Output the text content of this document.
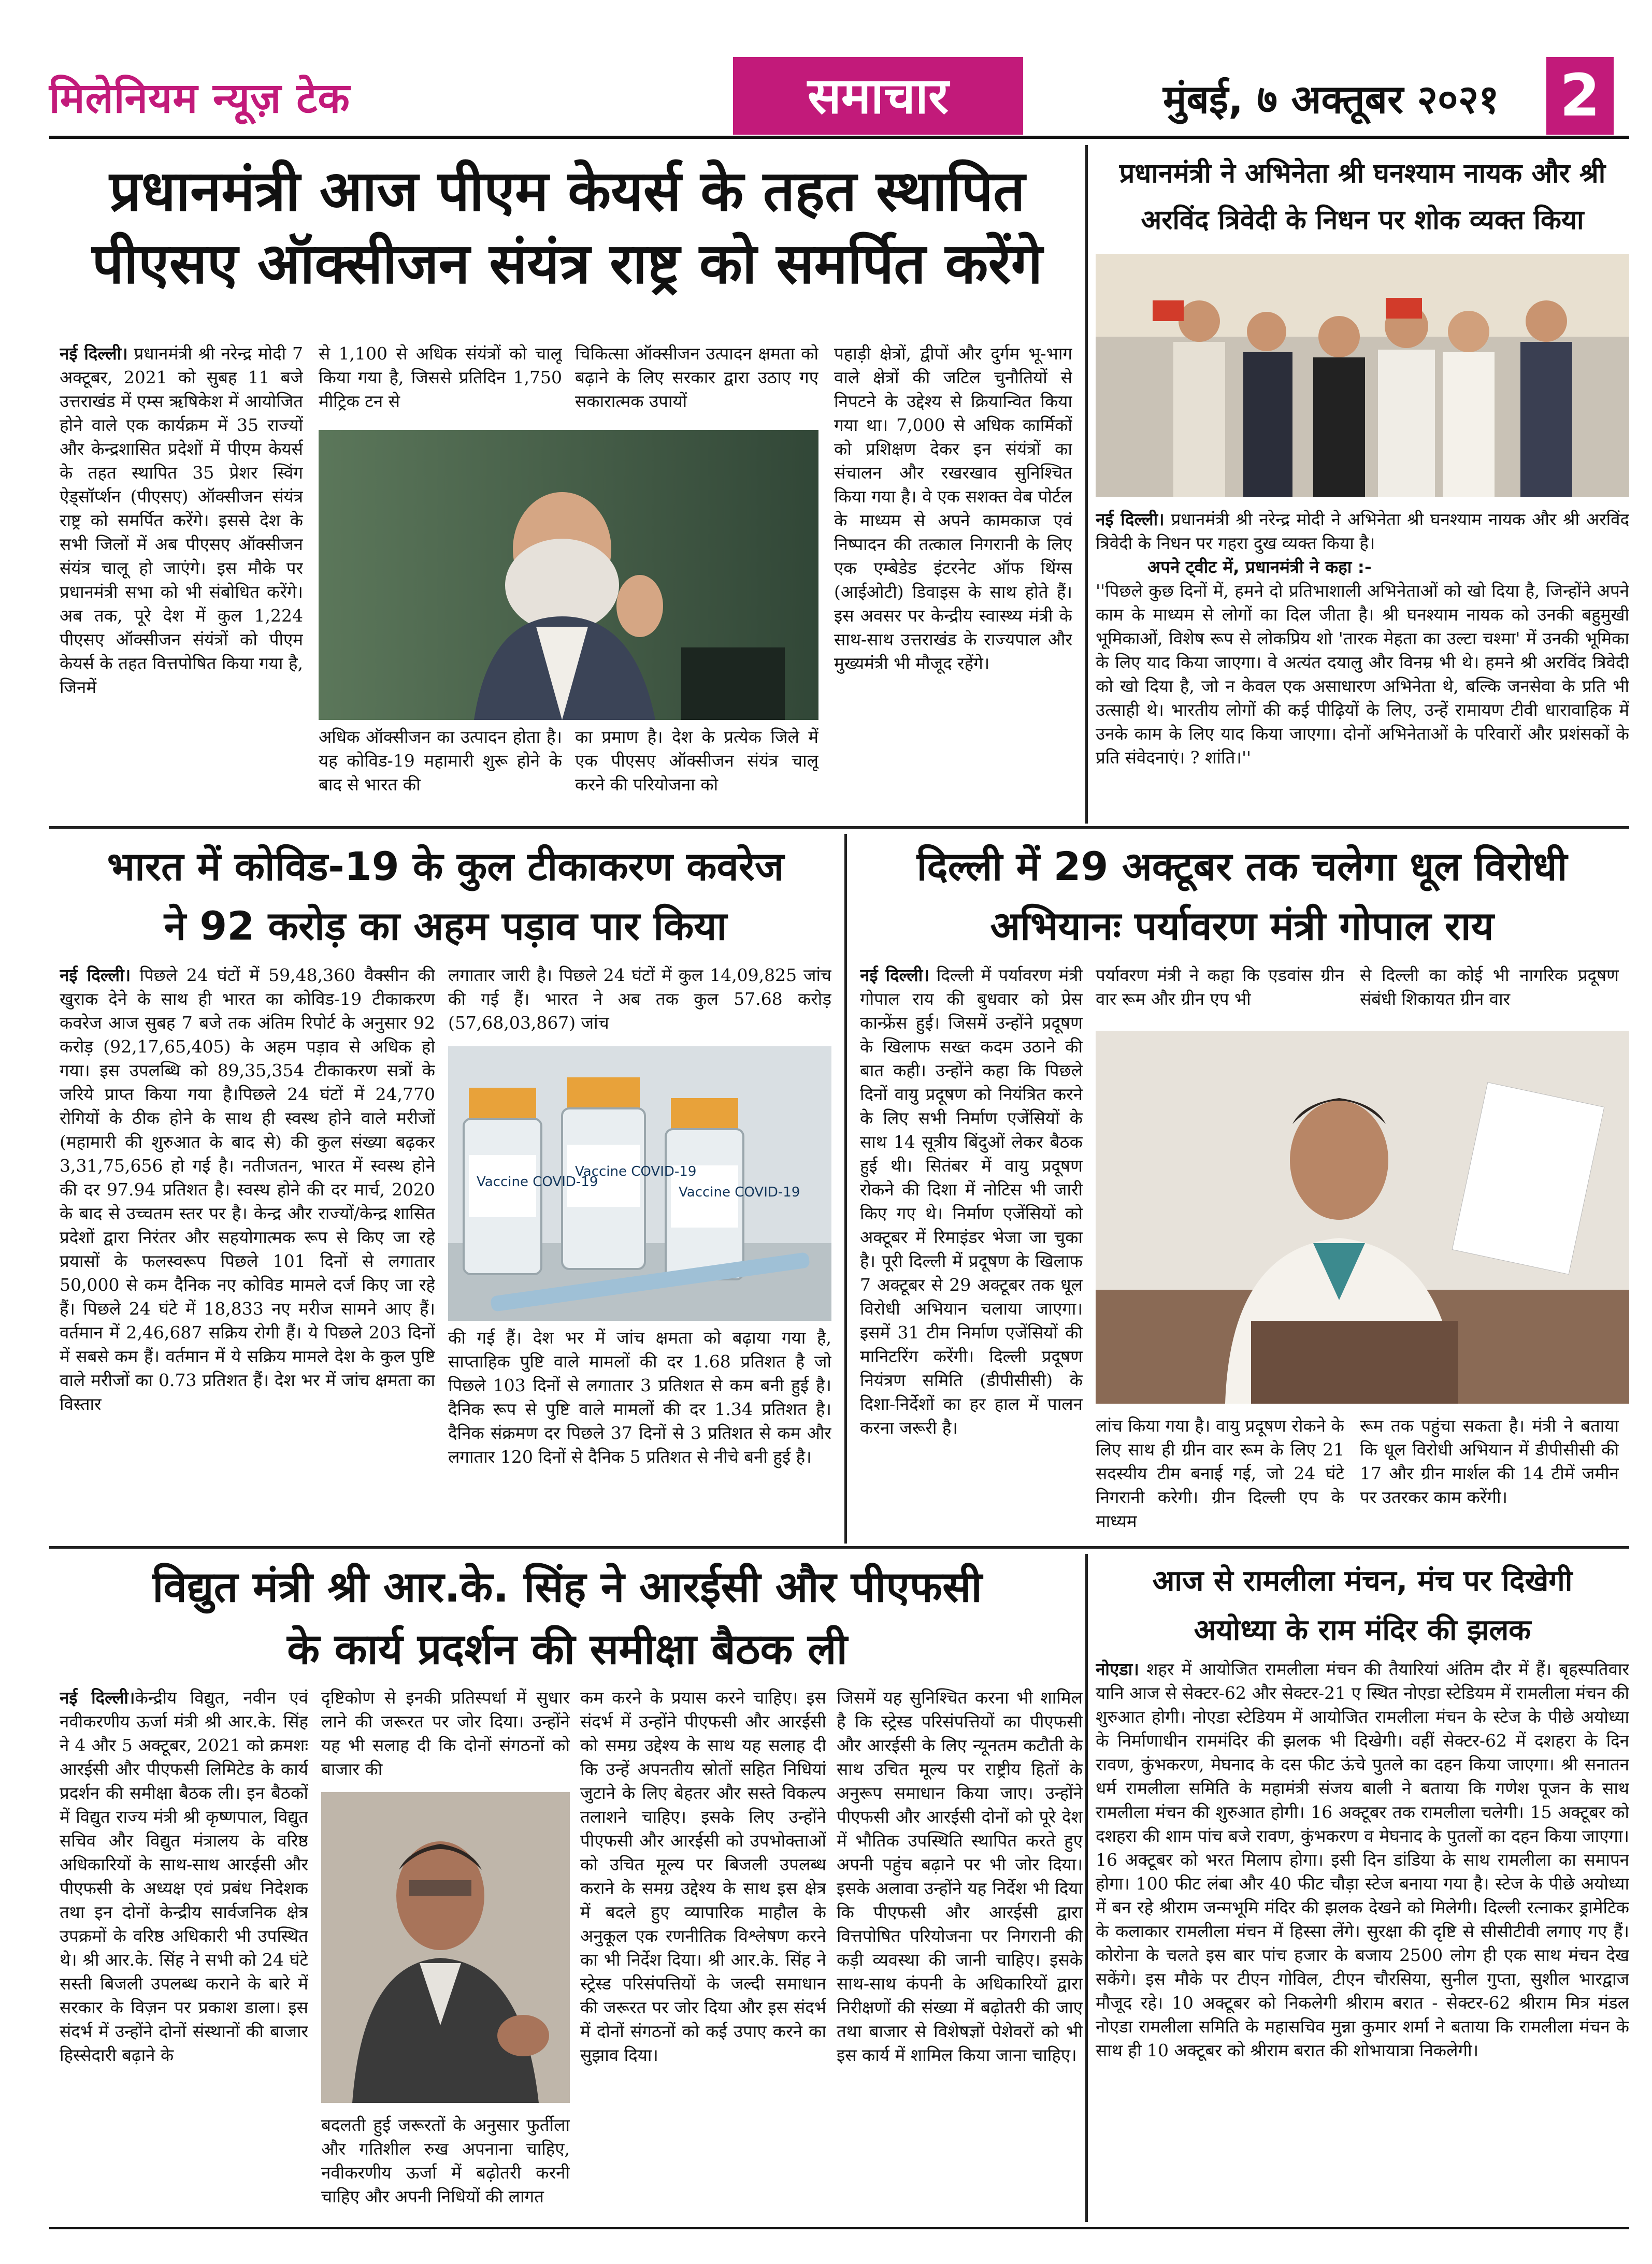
मिलेनियम न्यूज़ टेक	समाचार	मुंबई, ७ अक्तूबर २०२१ 2
प्रधानमंत्री आज पीएम केयर्स के तहत स्थापित
पीएसए ऑक्सीजन संयंत्र राष्ट्र को समर्पित करेंगे
नई दिल्ली। प्रधानमंत्री श्री नरेन्द्र मोदी 7 अक्टूबर, 2021 को सुबह 11 बजे उत्तराखंड में एम्स ऋषिकेश में आयोजित होने वाले एक कार्यक्रम में 35 राज्यों और केन्द्रशासित प्रदेशों में पीएम केयर्स के तहत स्थापित 35 प्रेशर स्विंग ऐड्सॉर्प्शन (पीएसए) ऑक्सीजन संयंत्र राष्ट्र को समर्पित करेंगे। इससे देश के सभी जिलों में अब पीएसए ऑक्सीजन संयंत्र चालू हो जाएंगे। इस मौके पर प्रधानमंत्री सभा को भी संबोधित करेंगे। अब तक, पूरे देश में कुल 1,224 पीएसए ऑक्सीजन संयंत्रों को पीएम केयर्स के तहत वित्तपोषित किया गया है, जिनमें
से 1,100 से अधिक संयंत्रों को चालू किया गया है, जिससे प्रतिदिन 1,750 मीट्रिक टन से
चिकित्सा ऑक्सीजन उत्पादन क्षमता को बढ़ाने के लिए सरकार द्वारा उठाए गए सकारात्मक उपायों
अधिक ऑक्सीजन का उत्पादन होता है। यह कोविड-19 महामारी शुरू होने के बाद से भारत की
का प्रमाण है। देश के प्रत्येक जिले में एक पीएसए ऑक्सीजन संयंत्र चालू करने की परियोजना को
पहाड़ी क्षेत्रों, द्वीपों और दुर्गम भू-भाग वाले क्षेत्रों की जटिल चुनौतियों से निपटने के उद्देश्य से क्रियान्वित किया गया था। 7,000 से अधिक कार्मिकों को प्रशिक्षण देकर इन संयंत्रों का संचालन और रखरखाव सुनिश्चित किया गया है। वे एक सशक्त वेब पोर्टल के माध्यम से अपने कामकाज एवं निष्पादन की तत्काल निगरानी के लिए एक एम्बेडेड इंटरनेट ऑफ थिंग्स (आईओटी) डिवाइस के साथ होते हैं। इस अवसर पर केन्द्रीय स्वास्थ्य मंत्री के साथ-साथ उत्तराखंड के राज्यपाल और मुख्यमंत्री भी मौजूद रहेंगे।
प्रधानमंत्री ने अभिनेता श्री घनश्याम नायक और श्री
अरविंद त्रिवेदी के निधन पर शोक व्यक्त किया
नई दिल्ली। प्रधानमंत्री श्री नरेन्द्र मोदी ने अभिनेता श्री घनश्याम नायक और श्री अरविंद त्रिवेदी के निधन पर गहरा दुख व्यक्त किया है।

अपने ट्वीट में, प्रधानमंत्री ने कहा :-
''पिछले कुछ दिनों में, हमने दो प्रतिभाशाली अभिनेताओं को खो दिया है, जिन्होंने अपने काम के माध्यम से लोगों का दिल जीता है। श्री घनश्याम नायक को उनकी बहुमुखी भूमिकाओं, विशेष रूप से लोकप्रिय शो 'तारक मेहता का उल्टा चश्मा' में उनकी भूमिका के लिए याद किया जाएगा। वे अत्यंत दयालु और विनम्र भी थे। हमने श्री अरविंद त्रिवेदी को खो दिया है, जो न केवल एक असाधारण अभिनेता थे, बल्कि जनसेवा के प्रति भी उत्साही थे। भारतीय लोगों की कई पीढ़ियों के लिए, उन्हें रामायण टीवी धारावाहिक में उनके काम के लिए याद किया जाएगा। दोनों अभिनेताओं के परिवारों और प्रशंसकों के प्रति संवेदनाएं। ? शांति।''
भारत में कोविड-19 के कुल टीकाकरण कवरेज
ने 92 करोड़ का अहम पड़ाव पार किया
नई दिल्ली। पिछले 24 घंटों में 59,48,360 वैक्सीन की खुराक देने के साथ ही भारत का कोविड-19 टीकाकरण कवरेज आज सुबह 7 बजे तक अंतिम रिपोर्ट के अनुसार 92 करोड़ (92,17,65,405) के अहम पड़ाव से अधिक हो गया। इस उपलब्धि को 89,35,354 टीकाकरण सत्रों के जरिये प्राप्त किया गया है।पिछले 24 घंटों में 24,770 रोगियों के ठीक होने के साथ ही स्वस्थ होने वाले मरीजों (महामारी की शुरुआत के बाद से) की कुल संख्या बढ़कर 3,31,75,656 हो गई है। नतीजतन, भारत में स्वस्थ होने की दर 97.94 प्रतिशत है। स्वस्थ होने की दर मार्च, 2020 के बाद से उच्चतम स्तर पर है। केन्द्र और राज्यों/केन्द्र शासित प्रदेशों द्वारा निरंतर और सहयोगात्मक रूप से किए जा रहे प्रयासों के फलस्वरूप पिछले 101 दिनों से लगातार 50,000 से कम दैनिक नए कोविड मामले दर्ज किए जा रहे हैं। पिछले 24 घंटे में 18,833 नए मरीज सामने आए हैं। वर्तमान में 2,46,687 सक्रिय रोगी हैं। ये पिछले 203 दिनों में सबसे कम हैं। वर्तमान में ये सक्रिय मामले देश के कुल पुष्टि वाले मरीजों का 0.73 प्रतिशत हैं। देश भर में जांच क्षमता का विस्तार
लगातार जारी है। पिछले 24 घंटों में कुल 14,09,825 जांच की गई हैं। भारत ने अब तक कुल 57.68 करोड़ (57,68,03,867) जांच
Vaccine COVID-19
Vaccine COVID-19
Vaccine COVID-19
की गई हैं। देश भर में जांच क्षमता को बढ़ाया गया है, साप्ताहिक पुष्टि वाले मामलों की दर 1.68 प्रतिशत है जो पिछले 103 दिनों से लगातार 3 प्रतिशत से कम बनी हुई है। दैनिक रूप से पुष्टि वाले मामलों की दर 1.34 प्रतिशत है। दैनिक संक्रमण दर पिछले 37 दिनों से 3 प्रतिशत से कम और लगातार 120 दिनों से दैनिक 5 प्रतिशत से नीचे बनी हुई है।
दिल्ली में 29 अक्टूबर तक चलेगा धूल विरोधी
अभियानः पर्यावरण मंत्री गोपाल राय
नई दिल्ली। दिल्ली में पर्यावरण मंत्री गोपाल राय की बुधवार को प्रेस कान्फ्रेंस हुई। जिसमें उन्होंने प्रदूषण के खिलाफ सख्त कदम उठाने की बात कही। उन्होंने कहा कि पिछले दिनों वायु प्रदूषण को नियंत्रित करने के लिए सभी निर्माण एजेंसियों के साथ 14 सूत्रीय बिंदुओं लेकर बैठक हुई थी। सितंबर में वायु प्रदूषण रोकने की दिशा में नोटिस भी जारी किए गए थे। निर्माण एजेंसियों को अक्टूबर में रिमाइंडर भेजा जा चुका है। पूरी दिल्ली में प्रदूषण के खिलाफ 7 अक्टूबर से 29 अक्टूबर तक धूल विरोधी अभियान चलाया जाएगा। इसमें 31 टीम निर्माण एजेंसियों की मानिटरिंग करेंगी। दिल्ली प्रदूषण नियंत्रण समिति (डीपीसीसी) के दिशा-निर्देशों का हर हाल में पालन करना जरूरी है।
पर्यावरण मंत्री ने कहा कि एडवांस ग्रीन वार रूम और ग्रीन एप भी
से दिल्ली का कोई भी नागरिक प्रदूषण संबंधी शिकायत ग्रीन वार
लांच किया गया है। वायु प्रदूषण रोकने के लिए साथ ही ग्रीन वार रूम के लिए 21 सदस्यीय टीम बनाई गई, जो 24 घंटे निगरानी करेगी। ग्रीन दिल्ली एप के माध्यम
रूम तक पहुंचा सकता है। मंत्री ने बताया कि धूल विरोधी अभियान में डीपीसीसी की 17 और ग्रीन मार्शल की 14 टीमें जमीन पर उतरकर काम करेंगी।
विद्युत मंत्री श्री आर.के. सिंह ने आरईसी और पीएफसी
के कार्य प्रदर्शन की समीक्षा बैठक ली
नई दिल्ली।केन्द्रीय विद्युत, नवीन एवं नवीकरणीय ऊर्जा मंत्री श्री आर.के. सिंह ने 4 और 5 अक्टूबर, 2021 को क्रमशः आरईसी और पीएफसी लिमिटेड के कार्य प्रदर्शन की समीक्षा बैठक ली। इन बैठकों में विद्युत राज्य मंत्री श्री कृष्णपाल, विद्युत सचिव और विद्युत मंत्रालय के वरिष्ठ अधिकारियों के साथ-साथ आरईसी और पीएफसी के अध्यक्ष एवं प्रबंध निदेशक तथा इन दोनों केन्द्रीय सार्वजनिक क्षेत्र उपक्रमों के वरिष्ठ अधिकारी भी उपस्थित थे। श्री आर.के. सिंह ने सभी को 24 घंटे सस्ती बिजली उपलब्ध कराने के बारे में सरकार के विज़न पर प्रकाश डाला। इस संदर्भ में उन्होंने दोनों संस्थानों की बाजार हिस्सेदारी बढ़ाने के
दृष्टिकोण से इनकी प्रतिस्पर्धा में सुधार लाने की जरूरत पर जोर दिया। उन्होंने यह भी सलाह दी कि दोनों संगठनों को बाजार की
बदलती हुई जरूरतों के अनुसार फुर्तीला और गतिशील रुख अपनाना चाहिए, नवीकरणीय ऊर्जा में बढ़ोतरी करनी चाहिए और अपनी निधियों की लागत
कम करने के प्रयास करने चाहिए। इस संदर्भ में उन्होंने पीएफसी और आरईसी को समग्र उद्देश्य के साथ यह सलाह दी कि उन्हें अपनतीय स्रोतों सहित निधियां जुटाने के लिए बेहतर और सस्ते विकल्प तलाशने चाहिए। इसके लिए उन्होंने पीएफसी और आरईसी को उपभोक्ताओं को उचित मूल्य पर बिजली उपलब्ध कराने के समग्र उद्देश्य के साथ इस क्षेत्र में बदले हुए व्यापारिक माहौल के अनुकूल एक रणनीतिक विश्लेषण करने का भी निर्देश दिया। श्री आर.के. सिंह ने स्ट्रेस्ड परिसंपत्तियों के जल्दी समाधान की जरूरत पर जोर दिया और इस संदर्भ में दोनों संगठनों को कई उपाए करने का सुझाव दिया।
जिसमें यह सुनिश्चित करना भी शामिल है कि स्ट्रेस्ड परिसंपत्तियों का पीएफसी और आरईसी के लिए न्यूनतम कटौती के साथ उचित मूल्य पर राष्ट्रीय हितों के अनुरूप समाधान किया जाए। उन्होंने पीएफसी और आरईसी दोनों को पूरे देश में भौतिक उपस्थिति स्थापित करते हुए अपनी पहुंच बढ़ाने पर भी जोर दिया। इसके अलावा उन्होंने यह निर्देश भी दिया कि पीएफसी और आरईसी द्वारा वित्तपोषित परियोजना पर निगरानी की कड़ी व्यवस्था की जानी चाहिए। इसके साथ-साथ कंपनी के अधिकारियों द्वारा निरीक्षणों की संख्या में बढ़ोतरी की जाए तथा बाजार से विशेषज्ञों पेशेवरों को भी इस कार्य में शामिल किया जाना चाहिए।
आज से रामलीला मंचन, मंच पर दिखेगी
अयोध्या के राम मंदिर की झलक
नोएडा। शहर में आयोजित रामलीला मंचन की तैयारियां अंतिम दौर में हैं। बृहस्पतिवार यानि आज से सेक्टर-62 और सेक्टर-21 ए स्थित नोएडा स्टेडियम में रामलीला मंचन की शुरुआत होगी। नोएडा स्टेडियम में आयोजित रामलीला मंचन के स्टेज के पीछे अयोध्या के निर्माणाधीन राममंदिर की झलक भी दिखेगी। वहीं सेक्टर-62 में दशहरा के दिन रावण, कुंभकरण, मेघनाद के दस फीट ऊंचे पुतले का दहन किया जाएगा। श्री सनातन धर्म रामलीला समिति के महामंत्री संजय बाली ने बताया कि गणेश पूजन के साथ रामलीला मंचन की शुरुआत होगी। 16 अक्टूबर तक रामलीला चलेगी। 15 अक्टूबर को दशहरा की शाम पांच बजे रावण, कुंभकरण व मेघनाद के पुतलों का दहन किया जाएगा। 16 अक्टूबर को भरत मिलाप होगा। इसी दिन डांडिया के साथ रामलीला का समापन होगा। 100 फीट लंबा और 40 फीट चौड़ा स्टेज बनाया गया है। स्टेज के पीछे अयोध्या में बन रहे श्रीराम जन्मभूमि मंदिर की झलक देखने को मिलेगी। दिल्ली रत्नाकर ड्रामेटिक के कलाकार रामलीला मंचन में हिस्सा लेंगे। सुरक्षा की दृष्टि से सीसीटीवी लगाए गए हैं। कोरोना के चलते इस बार पांच हजार के बजाय 2500 लोग ही एक साथ मंचन देख सकेंगे। इस मौके पर टीएन गोविल, टीएन चौरसिया, सुनील गुप्ता, सुशील भारद्वाज मौजूद रहे। 10 अक्टूबर को निकलेगी श्रीराम बरात - सेक्टर-62 श्रीराम मित्र मंडल नोएडा रामलीला समिति के महासचिव मुन्ना कुमार शर्मा ने बताया कि रामलीला मंचन के साथ ही 10 अक्टूबर को श्रीराम बरात की शोभायात्रा निकलेगी।
